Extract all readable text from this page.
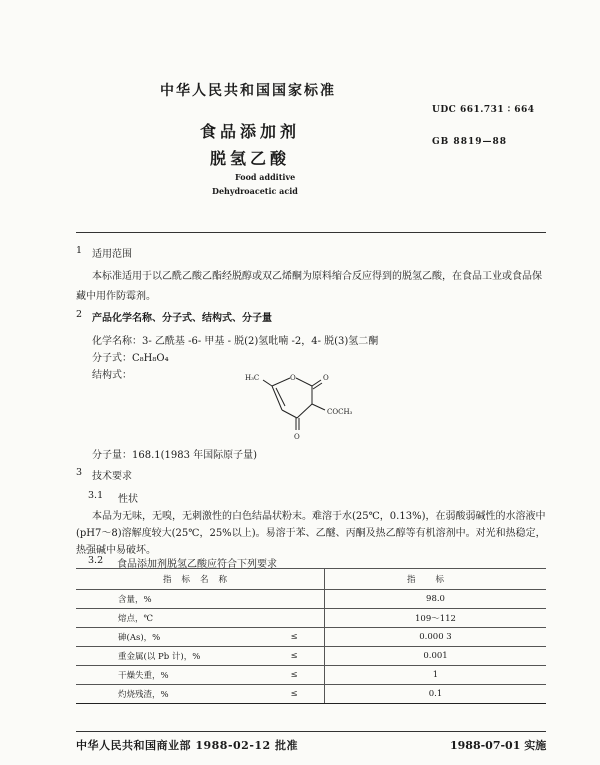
中华人民共和国国家标准
UDC 661.731 ∶ 664
食品添加剂
GB 8819—88
脱氢乙酸
Food additive
Dehydroacetic acid
1 适用范围
本标准适用于以乙酰乙酸乙酯经脱醇或双乙烯酮为原料缩合反应得到的脱氢乙酸，在食品工业或食品保藏中用作防霉剂。
2 产品化学名称、分子式、结构式、分子量
化学名称：3- 乙酰基 -6- 甲基 - 脱(2)氢吡喃 -2，4- 脱(3)氢二酮
分子式：C₈H₈O₄
结构式：	H₃C	O	O
COCH₃
O
分子量：168.1(1983 年国际原子量)
3 技术要求
3.1 性状
本品为无味，无嗅，无刺激性的白色结晶状粉末。难溶于水(25℃，0.13%)，在弱酸弱碱性的水溶液中(pH7～8)溶解度较大(25℃，25%以上)。易溶于苯、乙醚、丙酮及热乙醇等有机溶剂中。对光和热稳定，热强碱中易破坏。
3.2 食品添加剂脱氢乙酸应符合下列要求
指标名称		指标
含量，%		98.0
熔点，℃		109～112
砷(As)，%	≤	0.000 3
重金属(以 Pb 计)，%	≤	0.001
干燥失重，%	≤	1
灼烧残渣，%	≤	0.1
中华人民共和国商业部 1988-02-12 批准	1988-07-01 实施
